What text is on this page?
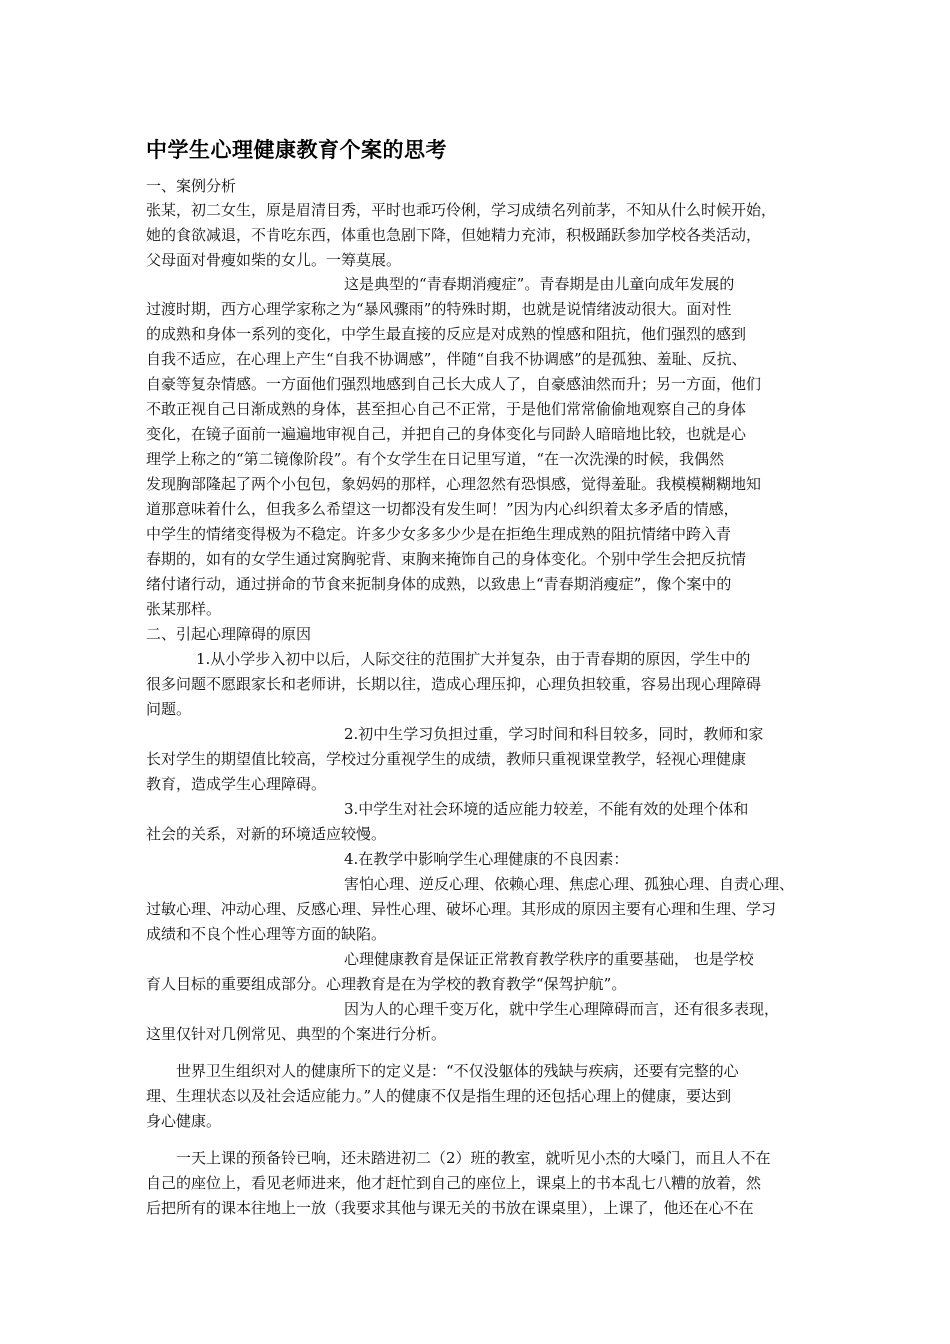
中学生心理健康教育个案的思考
一、案例分析
张某，初二女生，原是眉清目秀，平时也乖巧伶俐，学习成绩名列前茅，不知从什么时候开始，
她的食欲减退，不肯吃东西，体重也急剧下降，但她精力充沛，积极踊跃参加学校各类活动，
父母面对骨瘦如柴的女儿。一筹莫展。
这是典型的“青春期消瘦症”。青春期是由儿童向成年发展的
过渡时期，西方心理学家称之为“暴风骤雨”的特殊时期，也就是说情绪波动很大。面对性
的成熟和身体一系列的变化，中学生最直接的反应是对成熟的惶感和阻抗，他们强烈的感到
自我不适应，在心理上产生“自我不协调感”，伴随“自我不协调感”的是孤独、羞耻、反抗、
自豪等复杂情感。一方面他们强烈地感到自己长大成人了，自豪感油然而升；另一方面，他们
不敢正视自己日渐成熟的身体，甚至担心自己不正常，于是他们常常偷偷地观察自己的身体
变化，在镜子面前一遍遍地审视自己，并把自己的身体变化与同龄人暗暗地比较，也就是心
理学上称之的“第二镜像阶段”。有个女学生在日记里写道，“在一次洗澡的时候，我偶然
发现胸部隆起了两个小包包，象妈妈的那样，心理忽然有恐惧感，觉得羞耻。我模模糊糊地知
道那意味着什么，但我多么希望这一切都没有发生呵！”因为内心纠织着太多矛盾的情感，
中学生的情绪变得极为不稳定。许多少女多多少少是在拒绝生理成熟的阻抗情绪中跨入青
春期的，如有的女学生通过窝胸驼背、束胸来掩饰自己的身体变化。个别中学生会把反抗情
绪付诸行动，通过拼命的节食来扼制身体的成熟，以致患上“青春期消瘦症”，像个案中的
张某那样。
二、引起心理障碍的原因
1.从小学步入初中以后，人际交往的范围扩大并复杂，由于青春期的原因，学生中的
很多问题不愿跟家长和老师讲，长期以往，造成心理压抑，心理负担较重，容易出现心理障碍
问题。
2.初中生学习负担过重，学习时间和科目较多，同时，教师和家
长对学生的期望值比较高，学校过分重视学生的成绩，教师只重视课堂教学，轻视心理健康
教育，造成学生心理障碍。
3.中学生对社会环境的适应能力较差，不能有效的处理个体和
社会的关系，对新的环境适应较慢。
4.在教学中影响学生心理健康的不良因素：
害怕心理、逆反心理、依赖心理、焦虑心理、孤独心理、自责心理、
过敏心理、冲动心理、反感心理、异性心理、破坏心理。其形成的原因主要有心理和生理、学习
成绩和不良个性心理等方面的缺陷。
心理健康教育是保证正常教育教学秩序的重要基础， 也是学校
育人目标的重要组成部分。心理教育是在为学校的教育教学“保驾护航”。
因为人的心理千变万化，就中学生心理障碍而言，还有很多表现，
这里仅针对几例常见、典型的个案进行分析。
世界卫生组织对人的健康所下的定义是：“不仅没躯体的残缺与疾病，还要有完整的心
理、生理状态以及社会适应能力。”人的健康不仅是指生理的还包括心理上的健康，要达到
身心健康。
一天上课的预备铃已响，还未踏进初二（2）班的教室，就听见小杰的大嗓门，而且人不在
自己的座位上，看见老师进来，他才赶忙到自己的座位上，课桌上的书本乱七八糟的放着，然
后把所有的课本往地上一放（我要求其他与课无关的书放在课桌里），上课了，他还在心不在
